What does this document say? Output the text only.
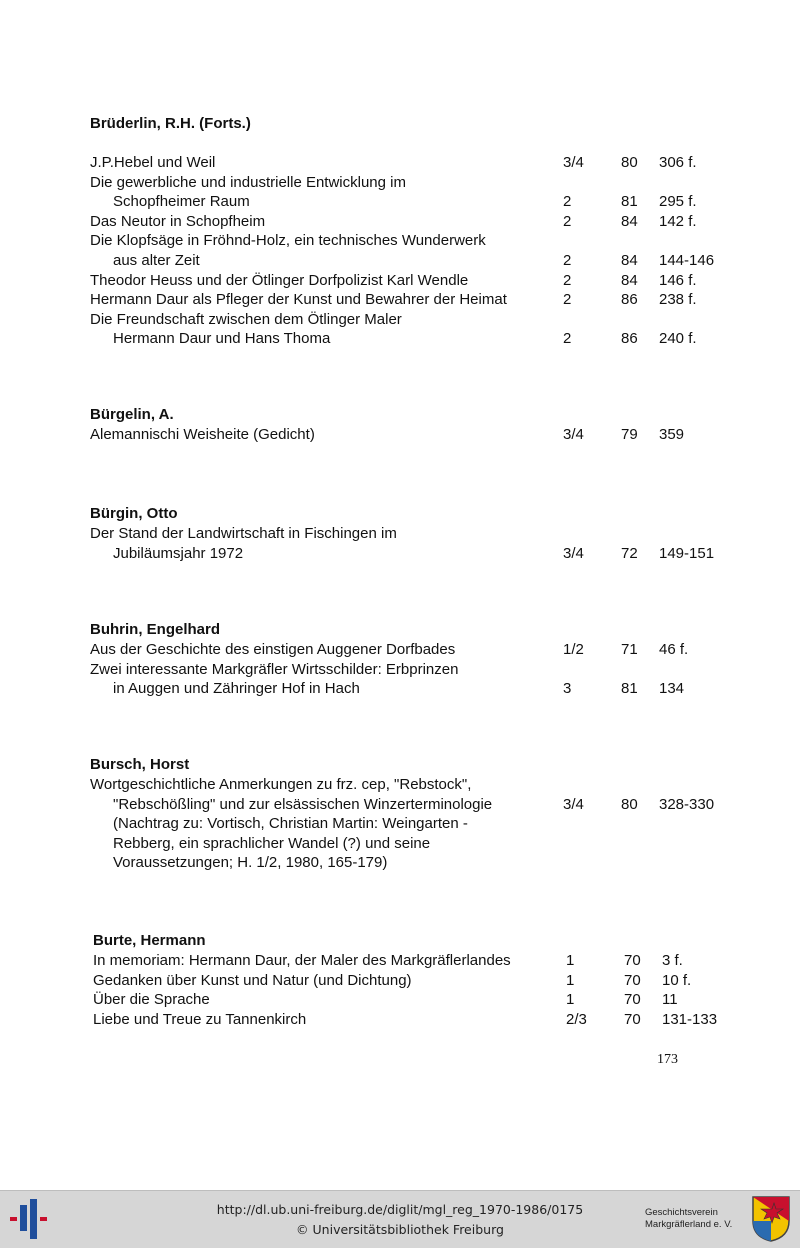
Brüderlin, R.H. (Forts.)
J.P.Hebel und Weil	3/4	80	306 f.
Die gewerbliche und industrielle Entwicklung im
Schopfheimer Raum	2	81	295 f.
Das Neutor in Schopfheim	2	84	142 f.
Die Klopfsäge in Fröhnd-Holz, ein technisches Wunderwerk
aus alter Zeit	2	84	144-146
Theodor Heuss und der Ötlinger Dorfpolizist Karl Wendle	2	84	146 f.
Hermann Daur als Pfleger der Kunst und Bewahrer der Heimat	2	86	238 f.
Die Freundschaft zwischen dem Ötlinger Maler
Hermann Daur und Hans Thoma	2	86	240 f.
Bürgelin, A.
Alemannischi Weisheite (Gedicht)	3/4	79	359
Bürgin, Otto
Der Stand der Landwirtschaft in Fischingen im
Jubiläumsjahr 1972	3/4	72	149-151
Buhrin, Engelhard
Aus der Geschichte des einstigen Auggener Dorfbades	1/2	71	46 f.
Zwei interessante Markgräfler Wirtsschilder: Erbprinzen
in Auggen und Zähringer Hof in Hach	3	81	134
Bursch, Horst
Wortgeschichtliche Anmerkungen zu frz. cep, "Rebstock",
"Rebschößling" und zur elsässischen Winzerterminologie	3/4	80	328-330
(Nachtrag zu: Vortisch, Christian Martin: Weingarten -
Rebberg, ein sprachlicher Wandel (?) und seine
Voraussetzungen; H. 1/2, 1980, 165-179)
Burte, Hermann
In memoriam: Hermann Daur, der Maler des Markgräflerlandes	1	70	3 f.
Gedanken über Kunst und Natur (und Dichtung)	1	70	10 f.
Über die Sprache	1	70	11
Liebe und Treue zu Tannenkirch	2/3	70	131-133
173
http://dl.ub.uni-freiburg.de/diglit/mgl_reg_1970-1986/0175
© Universitätsbibliothek Freiburg
Geschichtsverein
Markgräflerland e. V.
